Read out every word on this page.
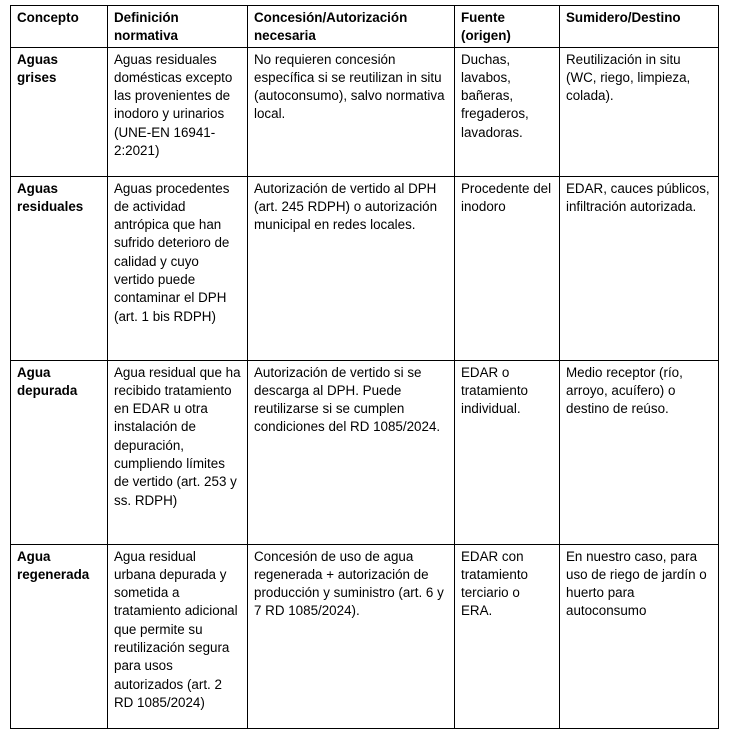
Concepto	Definición normativa	Concesión/Autorización necesaria	Fuente (origen)	Sumidero/Destino
Aguas grises	Aguas residuales domésticas excepto las provenientes de inodoro y urinarios (UNE-EN 16941-2:2021)	No requieren concesión específica si se reutilizan in situ (autoconsumo), salvo normativa local.	Duchas, lavabos, bañeras, fregaderos, lavadoras.	Reutilización in situ (WC, riego, limpieza, colada).
Aguas residuales	Aguas procedentes de actividad antrópica que han sufrido deterioro de calidad y cuyo vertido puede contaminar el DPH (art. 1 bis RDPH)	Autorización de vertido al DPH (art. 245 RDPH) o autorización municipal en redes locales.	Procedente del inodoro	EDAR, cauces públicos, infiltración autorizada.
Agua depurada	Agua residual que ha recibido tratamiento en EDAR u otra instalación de depuración, cumpliendo límites de vertido (art. 253 y ss. RDPH)	Autorización de vertido si se descarga al DPH. Puede reutilizarse si se cumplen condiciones del RD 1085/2024.	EDAR o tratamiento individual.	Medio receptor (río, arroyo, acuífero) o destino de reúso.
Agua regenerada	Agua residual urbana depurada y sometida a tratamiento adicional que permite su reutilización segura para usos autorizados (art. 2 RD 1085/2024)	Concesión de uso de agua regenerada + autorización de producción y suministro (art. 6 y 7 RD 1085/2024).	EDAR con tratamiento terciario o ERA.	En nuestro caso, para uso de riego de jardín o huerto para autoconsumo
